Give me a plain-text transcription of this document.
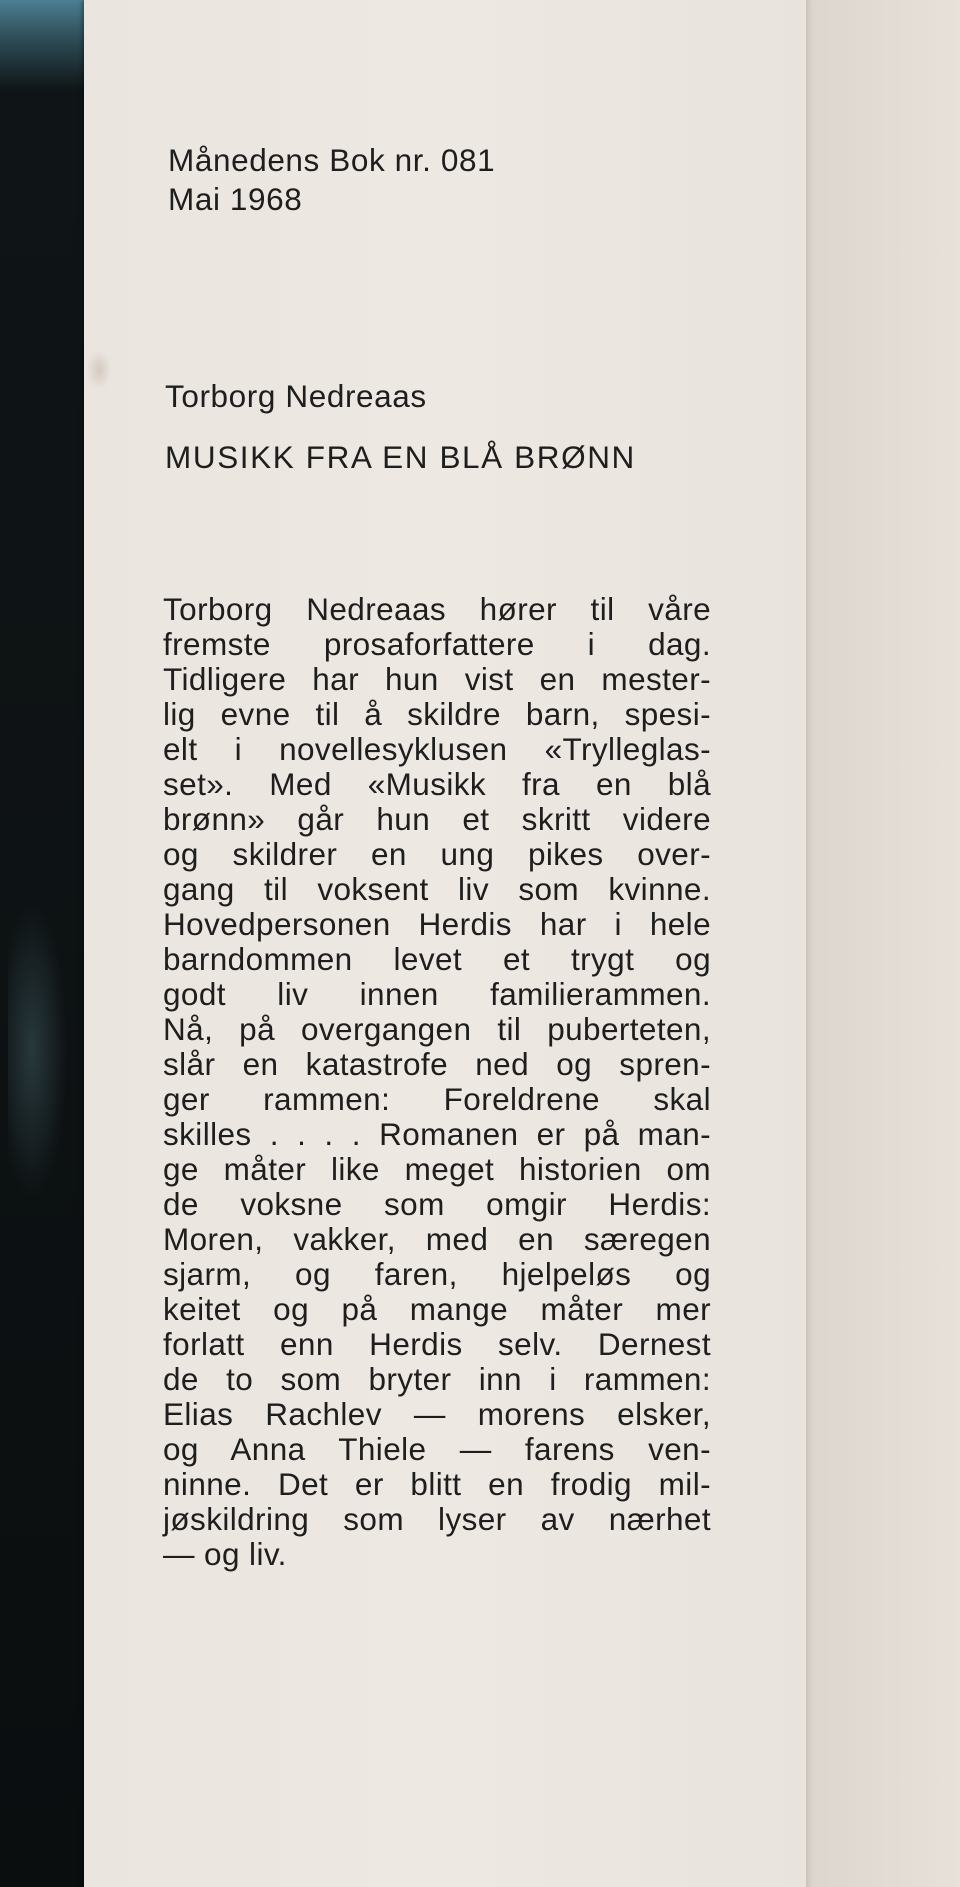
Månedens Bok nr. 081
Mai 1968
Torborg Nedreaas
MUSIKK FRA EN BLÅ BRØNN
Torborg Nedreaas hører til våre
fremste prosaforfattere i dag.
Tidligere har hun vist en mester-
lig evne til å skildre barn, spesi-
elt i novellesyklusen «Trylleglas-
set». Med «Musikk fra en blå
brønn» går hun et skritt videre
og skildrer en ung pikes over-
gang til voksent liv som kvinne.
Hovedpersonen Herdis har i hele
barndommen levet et trygt og
godt liv innen familierammen.
Nå, på overgangen til puberteten,
slår en katastrofe ned og spren-
ger rammen: Foreldrene skal
skilles . . . . Romanen er på man-
ge måter like meget historien om
de voksne som omgir Herdis:
Moren, vakker, med en særegen
sjarm, og faren, hjelpeløs og
keitet og på mange måter mer
forlatt enn Herdis selv. Dernest
de to som bryter inn i rammen:
Elias Rachlev — morens elsker,
og Anna Thiele — farens ven-
ninne. Det er blitt en frodig mil-
jøskildring som lyser av nærhet
— og liv.
